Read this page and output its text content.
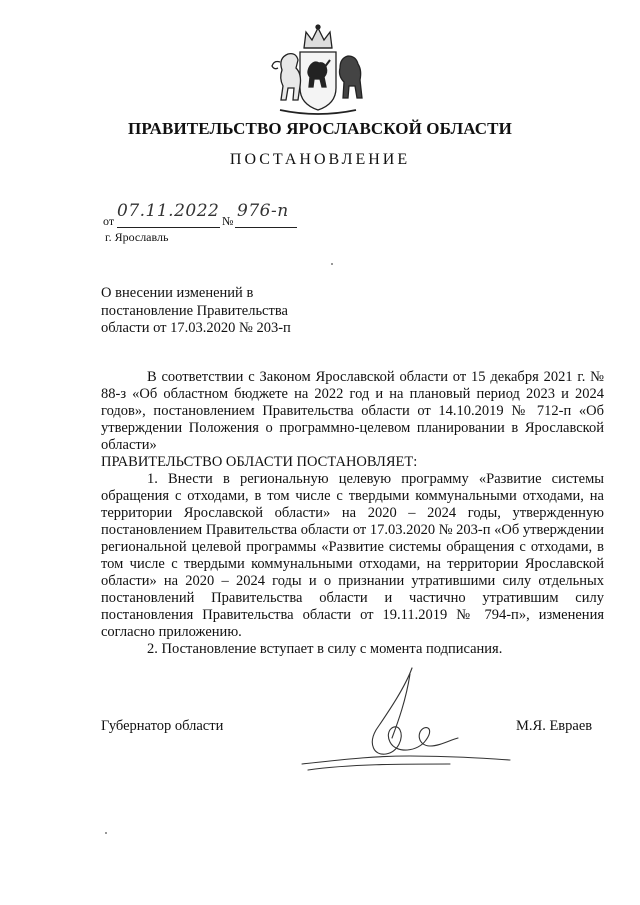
ПРАВИТЕЛЬСТВО ЯРОСЛАВСКОЙ ОБЛАСТИ
ПОСТАНОВЛЕНИЕ
от 07.11.2022 № 976-п
г. Ярославль
О внесении изменений в
постановление Правительства
области от 17.03.2020 № 203-п

В соответствии с Законом Ярославской области от 15 декабря 2021 г. № 88-з «Об областном бюджете на 2022 год и на плановый период 2023 и 2024 годов», постановлением Правительства области от 14.10.2019 № 712-п «Об утверждении Положения о программно-целевом планировании в Ярославской области»

ПРАВИТЕЛЬСТВО ОБЛАСТИ ПОСТАНОВЛЯЕТ:

1. Внести в региональную целевую программу «Развитие системы обращения с отходами, в том числе с твердыми коммунальными отходами, на территории Ярославской области» на 2020 – 2024 годы, утвержденную постановлением Правительства области от 17.03.2020 № 203-п «Об утверждении региональной целевой программы «Развитие системы обращения с отходами, в том числе с твердыми коммунальными отходами, на территории Ярославской области» на 2020 – 2024 годы и о признании утратившими силу отдельных постановлений Правительства области и частично утратившим силу постановления Правительства области от 19.11.2019 № 794-п», изменения согласно приложению.

2. Постановление вступает в силу с момента подписания.

Губернатор области	М.Я. Евраев
